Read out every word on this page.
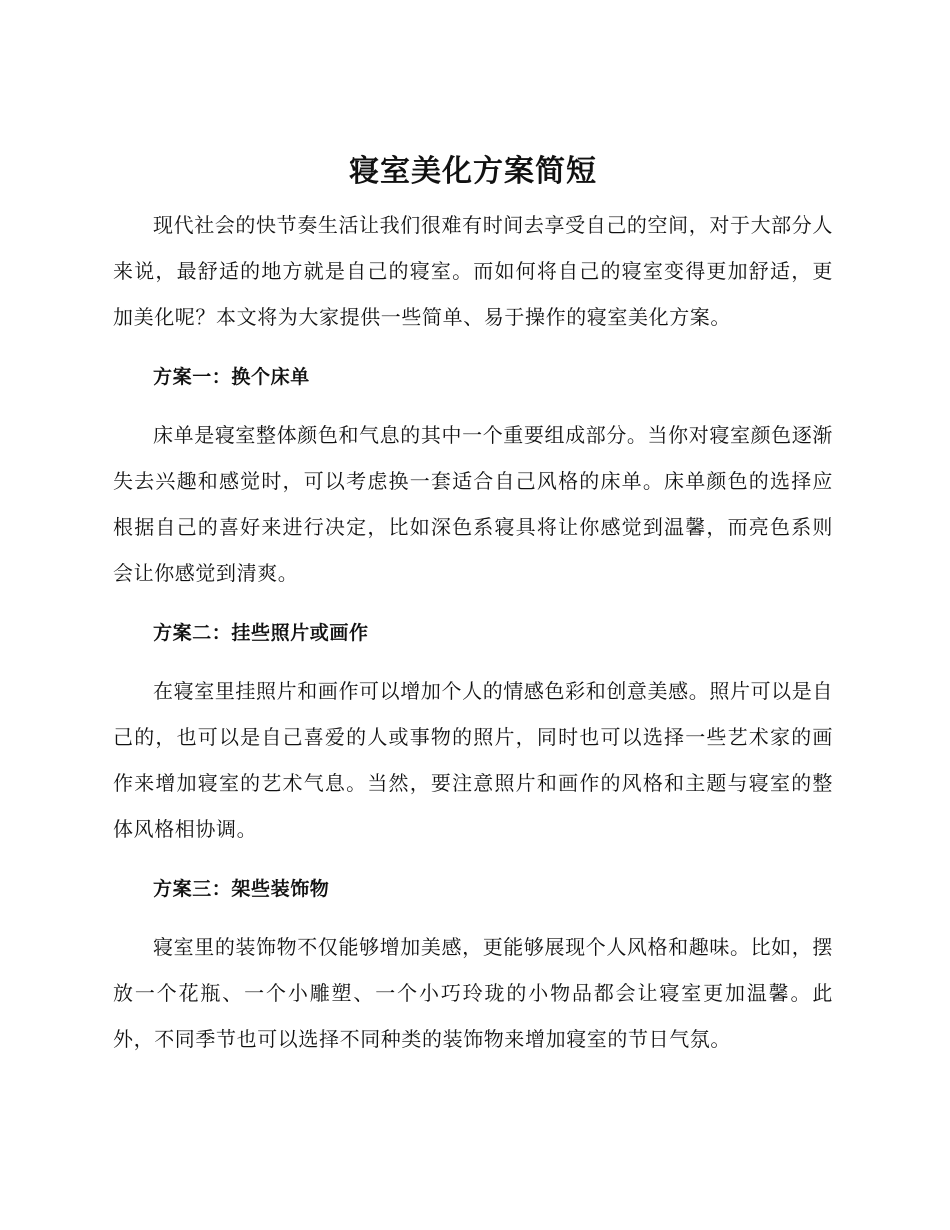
寝室美化方案简短

现代社会的快节奏生活让我们很难有时间去享受自己的空间，对于大部分人来说，最舒适的地方就是自己的寝室。而如何将自己的寝室变得更加舒适，更加美化呢？本文将为大家提供一些简单、易于操作的寝室美化方案。

方案一：换个床单

床单是寝室整体颜色和气息的其中一个重要组成部分。当你对寝室颜色逐渐失去兴趣和感觉时，可以考虑换一套适合自己风格的床单。床单颜色的选择应根据自己的喜好来进行决定，比如深色系寝具将让你感觉到温馨，而亮色系则会让你感觉到清爽。

方案二：挂些照片或画作

在寝室里挂照片和画作可以增加个人的情感色彩和创意美感。照片可以是自己的，也可以是自己喜爱的人或事物的照片，同时也可以选择一些艺术家的画作来增加寝室的艺术气息。当然，要注意照片和画作的风格和主题与寝室的整体风格相协调。

方案三：架些装饰物

寝室里的装饰物不仅能够增加美感，更能够展现个人风格和趣味。比如，摆放一个花瓶、一个小雕塑、一个小巧玲珑的小物品都会让寝室更加温馨。此外，不同季节也可以选择不同种类的装饰物来增加寝室的节日气氛。
